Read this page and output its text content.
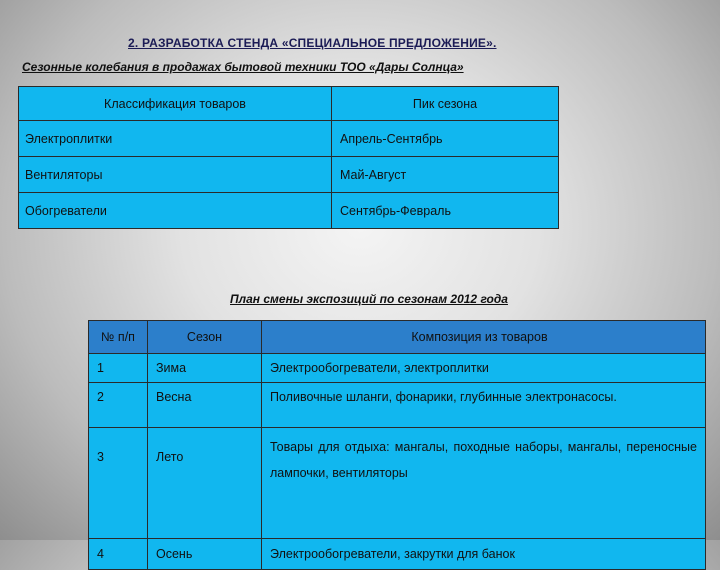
2. РАЗРАБОТКА СТЕНДА «СПЕЦИАЛЬНОЕ ПРЕДЛОЖЕНИЕ».
Сезонные колебания в продажах бытовой техники ТОО «Дары Солнца»
Классификация товаров	Пик сезона
Электроплитки	Апрель-Сентябрь
Вентиляторы	Май-Август
Обогреватели	Сентябрь-Февраль
План смены экспозиций по сезонам 2012 года
№ п/п	Сезон	Композиция из товаров
1	Зима	Электрообогреватели, электроплитки
2	Весна	Поливочные шланги, фонарики, глубинные электронасосы.
3	Лето	Товары для отдыха: мангалы, походные наборы, мангалы, переносные лампочки, вентиляторы
4	Осень	Электрообогреватели, закрутки для банок
